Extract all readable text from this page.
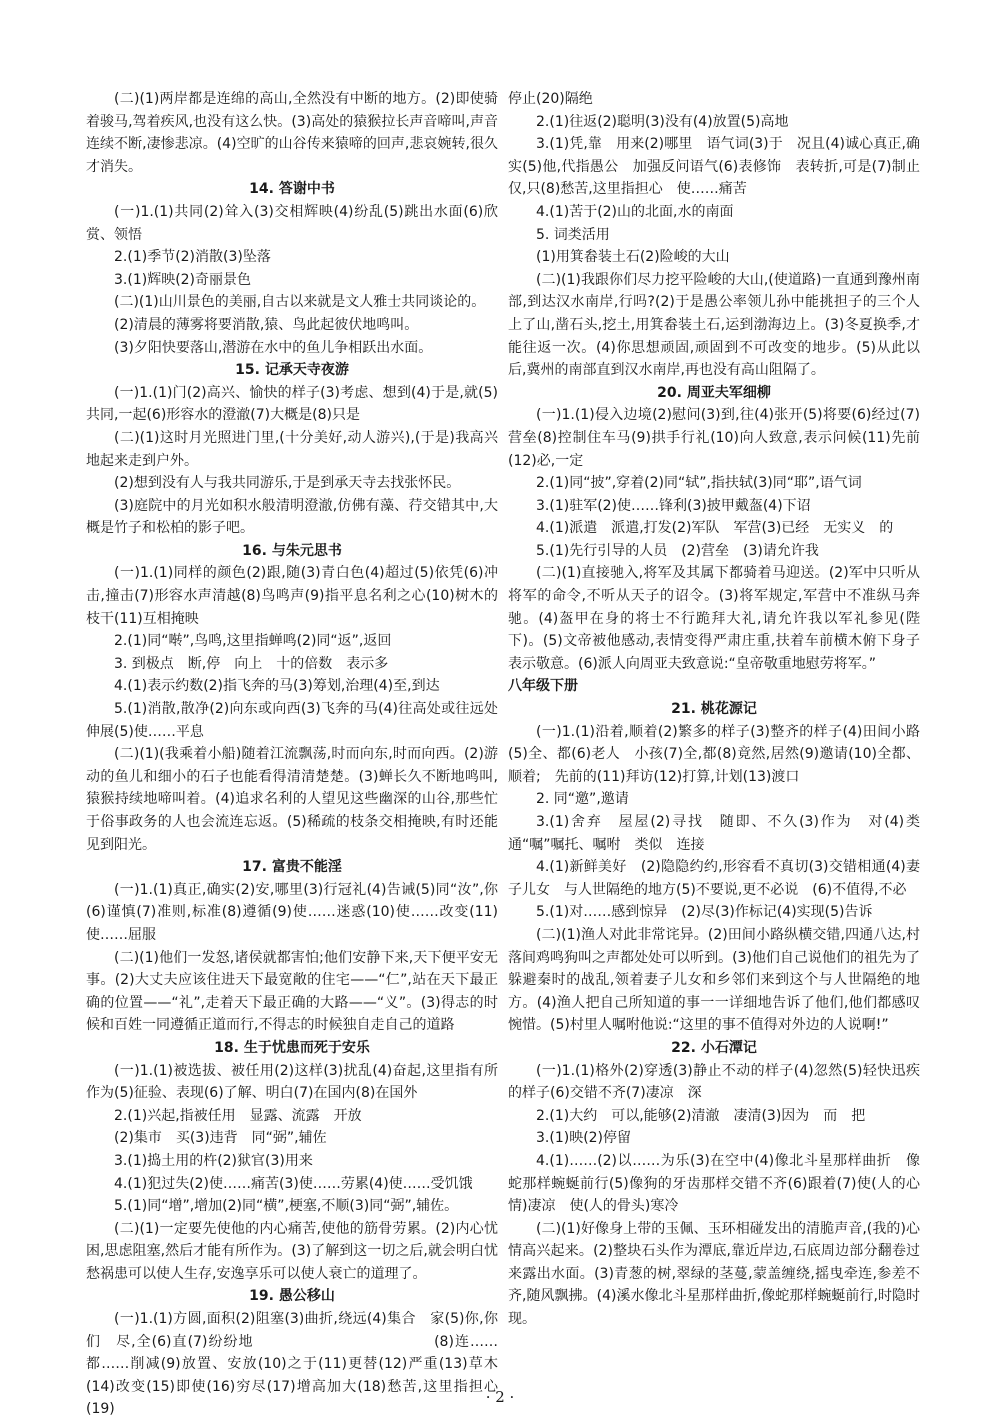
(二)(1)两岸都是连绵的高山,全然没有中断的地方。(2)即使骑着骏马,驾着疾风,也没有这么快。(3)高处的猿猴拉长声音啼叫,声音连续不断,凄惨悲凉。(4)空旷的山谷传来猿啼的回声,悲哀婉转,很久才消失。

14. 答谢中书

(一)1.(1)共同(2)耸入(3)交相辉映(4)纷乱(5)跳出水面(6)欣赏、领悟

2.(1)季节(2)消散(3)坠落

3.(1)辉映(2)奇丽景色

(二)(1)山川景色的美丽,自古以来就是文人雅士共同谈论的。

(2)清晨的薄雾将要消散,猿、鸟此起彼伏地鸣叫。

(3)夕阳快要落山,潜游在水中的鱼儿争相跃出水面。

15. 记承天寺夜游

(一)1.(1)门(2)高兴、愉快的样子(3)考虑、想到(4)于是,就(5)共同,一起(6)形容水的澄澈(7)大概是(8)只是

(二)(1)这时月光照进门里,(十分美好,动人游兴),(于是)我高兴地起来走到户外。

(2)想到没有人与我共同游乐,于是到承天寺去找张怀民。

(3)庭院中的月光如积水般清明澄澈,仿佛有藻、荇交错其中,大概是竹子和松柏的影子吧。

16. 与朱元思书

(一)1.(1)同样的颜色(2)跟,随(3)青白色(4)超过(5)依凭(6)冲击,撞击(7)形容水声清越(8)鸟鸣声(9)指平息名利之心(10)树木的枝干(11)互相掩映

2.(1)同“啭”,鸟鸣,这里指蝉鸣(2)同“返”,返回

3. 到极点　断,停　向上　十的倍数　表示多

4.(1)表示约数(2)指飞奔的马(3)筹划,治理(4)至,到达

5.(1)消散,散净(2)向东或向西(3)飞奔的马(4)往高处或往远处伸展(5)使……平息

(二)(1)(我乘着小船)随着江流飘荡,时而向东,时而向西。(2)游动的鱼儿和细小的石子也能看得清清楚楚。(3)蝉长久不断地鸣叫,猿猴持续地啼叫着。(4)追求名利的人望见这些幽深的山谷,那些忙于俗事政务的人也会流连忘返。(5)稀疏的枝条交相掩映,有时还能见到阳光。

17. 富贵不能淫

(一)1.(1)真正,确实(2)安,哪里(3)行冠礼(4)告诫(5)同“汝”,你(6)谨慎(7)准则,标准(8)遵循(9)使……迷惑(10)使……改变(11)使……屈服

(二)(1)他们一发怒,诸侯就都害怕;他们安静下来,天下便平安无事。(2)大丈夫应该住进天下最宽敞的住宅——“仁”,站在天下最正确的位置——“礼”,走着天下最正确的大路——“义”。(3)得志的时候和百姓一同遵循正道而行,不得志的时候独自走自己的道路

18. 生于忧患而死于安乐

(一)1.(1)被选拔、被任用(2)这样(3)扰乱(4)奋起,这里指有所作为(5)征验、表现(6)了解、明白(7)在国内(8)在国外

2.(1)兴起,指被任用　显露、流露　开放

(2)集市　买(3)违背　同“弼”,辅佐

3.(1)捣土用的杵(2)狱官(3)用来

4.(1)犯过失(2)使……痛苦(3)使……劳累(4)使……受饥饿

5.(1)同“增”,增加(2)同“横”,梗塞,不顺(3)同“弼”,辅佐。

(二)(1)一定要先使他的内心痛苦,使他的筋骨劳累。(2)内心忧困,思虑阻塞,然后才能有所作为。(3)了解到这一切之后,就会明白忧愁祸患可以使人生存,安逸享乐可以使人衰亡的道理了。

19. 愚公移山

(一)1.(1)方圆,面积(2)阻塞(3)曲折,绕远(4)集合　家(5)你,你们　尽,全(6)直(7)纷纷地　　　　　　　　　　　　(8)连……都……削减(9)放置、安放(10)之于(11)更替(12)严重(13)草木(14)改变(15)即使(16)穷尽(17)增高加大(18)愁苦,这里指担心(19)

停止(20)隔绝

2.(1)往返(2)聪明(3)没有(4)放置(5)高地

3.(1)凭,靠　用来(2)哪里　语气词(3)于　况且(4)诚心真正,确实(5)他,代指愚公　加强反问语气(6)表修饰　表转折,可是(7)制止　仅,只(8)愁苦,这里指担心　使……痛苦

4.(1)苦于(2)山的北面,水的南面

5. 词类活用

(1)用箕畚装土石(2)险峻的大山

(二)(1)我跟你们尽力挖平险峻的大山,(使道路)一直通到豫州南部,到达汉水南岸,行吗?(2)于是愚公率领儿孙中能挑担子的三个人上了山,凿石头,挖土,用箕畚装土石,运到渤海边上。(3)冬夏换季,才能往返一次。(4)你思想顽固,顽固到不可改变的地步。(5)从此以后,冀州的南部直到汉水南岸,再也没有高山阻隔了。

20. 周亚夫军细柳

(一)1.(1)侵入边境(2)慰问(3)到,往(4)张开(5)将要(6)经过(7)营垒(8)控制住车马(9)拱手行礼(10)向人致意,表示问候(11)先前(12)必,一定

2.(1)同“披”,穿着(2)同“轼”,指扶轼(3)同“耶”,语气词

3.(1)驻军(2)使……锋利(3)披甲戴盔(4)下诏

4.(1)派遣　派遣,打发(2)军队　军营(3)已经　无实义　的

5.(1)先行引导的人员　(2)营垒　(3)请允许我

(二)(1)直接驰入,将军及其属下都骑着马迎送。(2)军中只听从将军的命令,不听从天子的诏令。(3)将军规定,军营中不准纵马奔驰。(4)盔甲在身的将士不行跪拜大礼,请允许我以军礼参见(陛下)。(5)文帝被他感动,表情变得严肃庄重,扶着车前横木俯下身子表示敬意。(6)派人向周亚夫致意说:“皇帝敬重地慰劳将军。”

八年级下册

21. 桃花源记

(一)1.(1)沿着,顺着(2)繁多的样子(3)整齐的样子(4)田间小路(5)全、都(6)老人　小孩(7)全,都(8)竟然,居然(9)邀请(10)全都、顺着;　先前的(11)拜访(12)打算,计划(13)渡口

2. 同“邀”,邀请

3.(1)舍弃　屋屋(2)寻找　随即、不久(3)作为　对(4)类通“嘱”嘱托、嘱咐　类似　连接

4.(1)新鲜美好　(2)隐隐约约,形容看不真切(3)交错相通(4)妻子儿女　与人世隔绝的地方(5)不要说,更不必说　(6)不值得,不必

5.(1)对……感到惊异　(2)尽(3)作标记(4)实现(5)告诉

(二)(1)渔人对此非常诧异。(2)田间小路纵横交错,四通八达,村落间鸡鸣狗叫之声都处处可以听到。(3)他们自己说他们的祖先为了躲避秦时的战乱,领着妻子儿女和乡邻们来到这个与人世隔绝的地方。(4)渔人把自己所知道的事一一详细地告诉了他们,他们都感叹惋惜。(5)村里人嘱咐他说:“这里的事不值得对外边的人说啊!”

22. 小石潭记

(一)1.(1)格外(2)穿透(3)静止不动的样子(4)忽然(5)轻快迅疾的样子(6)交错不齐(7)凄凉　深

2.(1)大约　可以,能够(2)清澈　凄清(3)因为　而　把

3.(1)映(2)停留

4.(1)……(2)以……为乐(3)在空中(4)像北斗星那样曲折　像蛇那样蜿蜒前行(5)像狗的牙齿那样交错不齐(6)跟着(7)使(人的心情)凄凉　使(人的骨头)寒冷

(二)(1)好像身上带的玉佩、玉环相碰发出的清脆声音,(我的)心情高兴起来。(2)整块石头作为潭底,靠近岸边,石底周边部分翻卷过来露出水面。(3)青葱的树,翠绿的茎蔓,蒙盖缠绕,摇曳牵连,参差不齐,随风飘拂。(4)溪水像北斗星那样曲折,像蛇那样蜿蜒前行,时隐时现。

· 2 ·
